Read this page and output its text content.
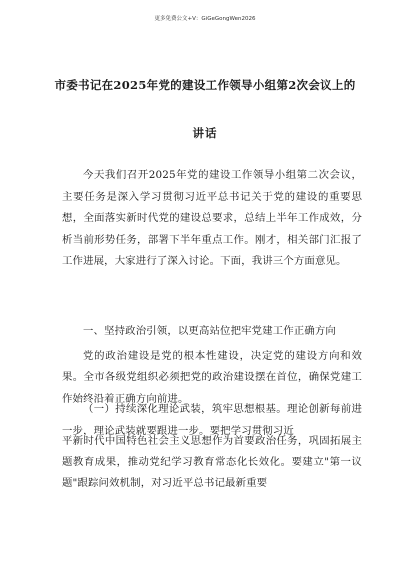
更多免费公文+V：GiGeGongWen2026
市委书记在2025年党的建设工作领导小组第2次会议上的
讲话

今天我们召开2025年党的建设工作领导小组第二次会议，主要任务是深入学习贯彻习近平总书记关于党的建设的重要思想，全面落实新时代党的建设总要求，总结上半年工作成效，分析当前形势任务，部署下半年重点工作。刚才，相关部门汇报了工作进展，大家进行了深入讨论。下面，我讲三个方面意见。

一、坚持政治引领，以更高站位把牢党建工作正确方向

党的政治建设是党的根本性建设，决定党的建设方向和效果。全市各级党组织必须把党的政治建设摆在首位，确保党建工作始终沿着正确方向前进。

（一）持续深化理论武装，筑牢思想根基。理论创新每前进一步，理论武装就要跟进一步。要把学习贯彻习近

平新时代中国特色社会主义思想作为首要政治任务，巩固拓展主题教育成果，推动党纪学习教育常态化长效化。要建立"第一议题"跟踪问效机制，对习近平总书记最新重要
